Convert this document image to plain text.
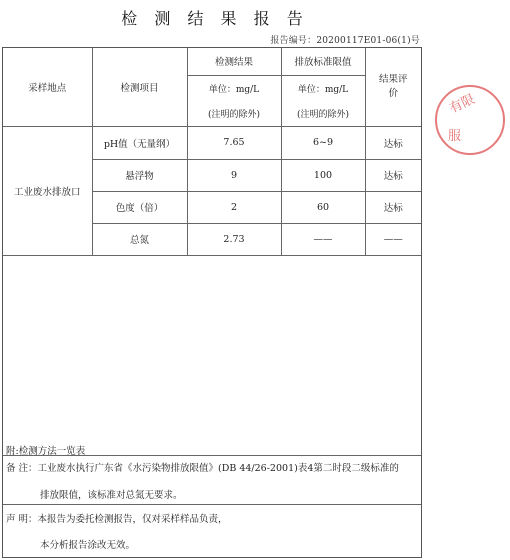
检 测 结 果 报 告
报告编号：20200117E01-06(1)号
采样地点	检测项目	检测结果	排放标准限值	结果评价
		单位：mg/L	单位：mg/L	
		(注明的除外)	(注明的除外)	
工业废水排放口	pH值（无量纲）	7.65	6~9	达标
	悬浮物	9	100	达标
	色度（倍）	2	60	达标
	总氮	2.73	——	——
附:检测方法一览表
备 注：工业废水执行广东省《水污染物排放限值》(DB 44/26-2001)表4第二时段二级标准的
排放限值，该标准对总氮无要求。
声 明：本报告为委托检测报告，仅对采样样品负责，
本分析报告涂改无效。
有限
服
